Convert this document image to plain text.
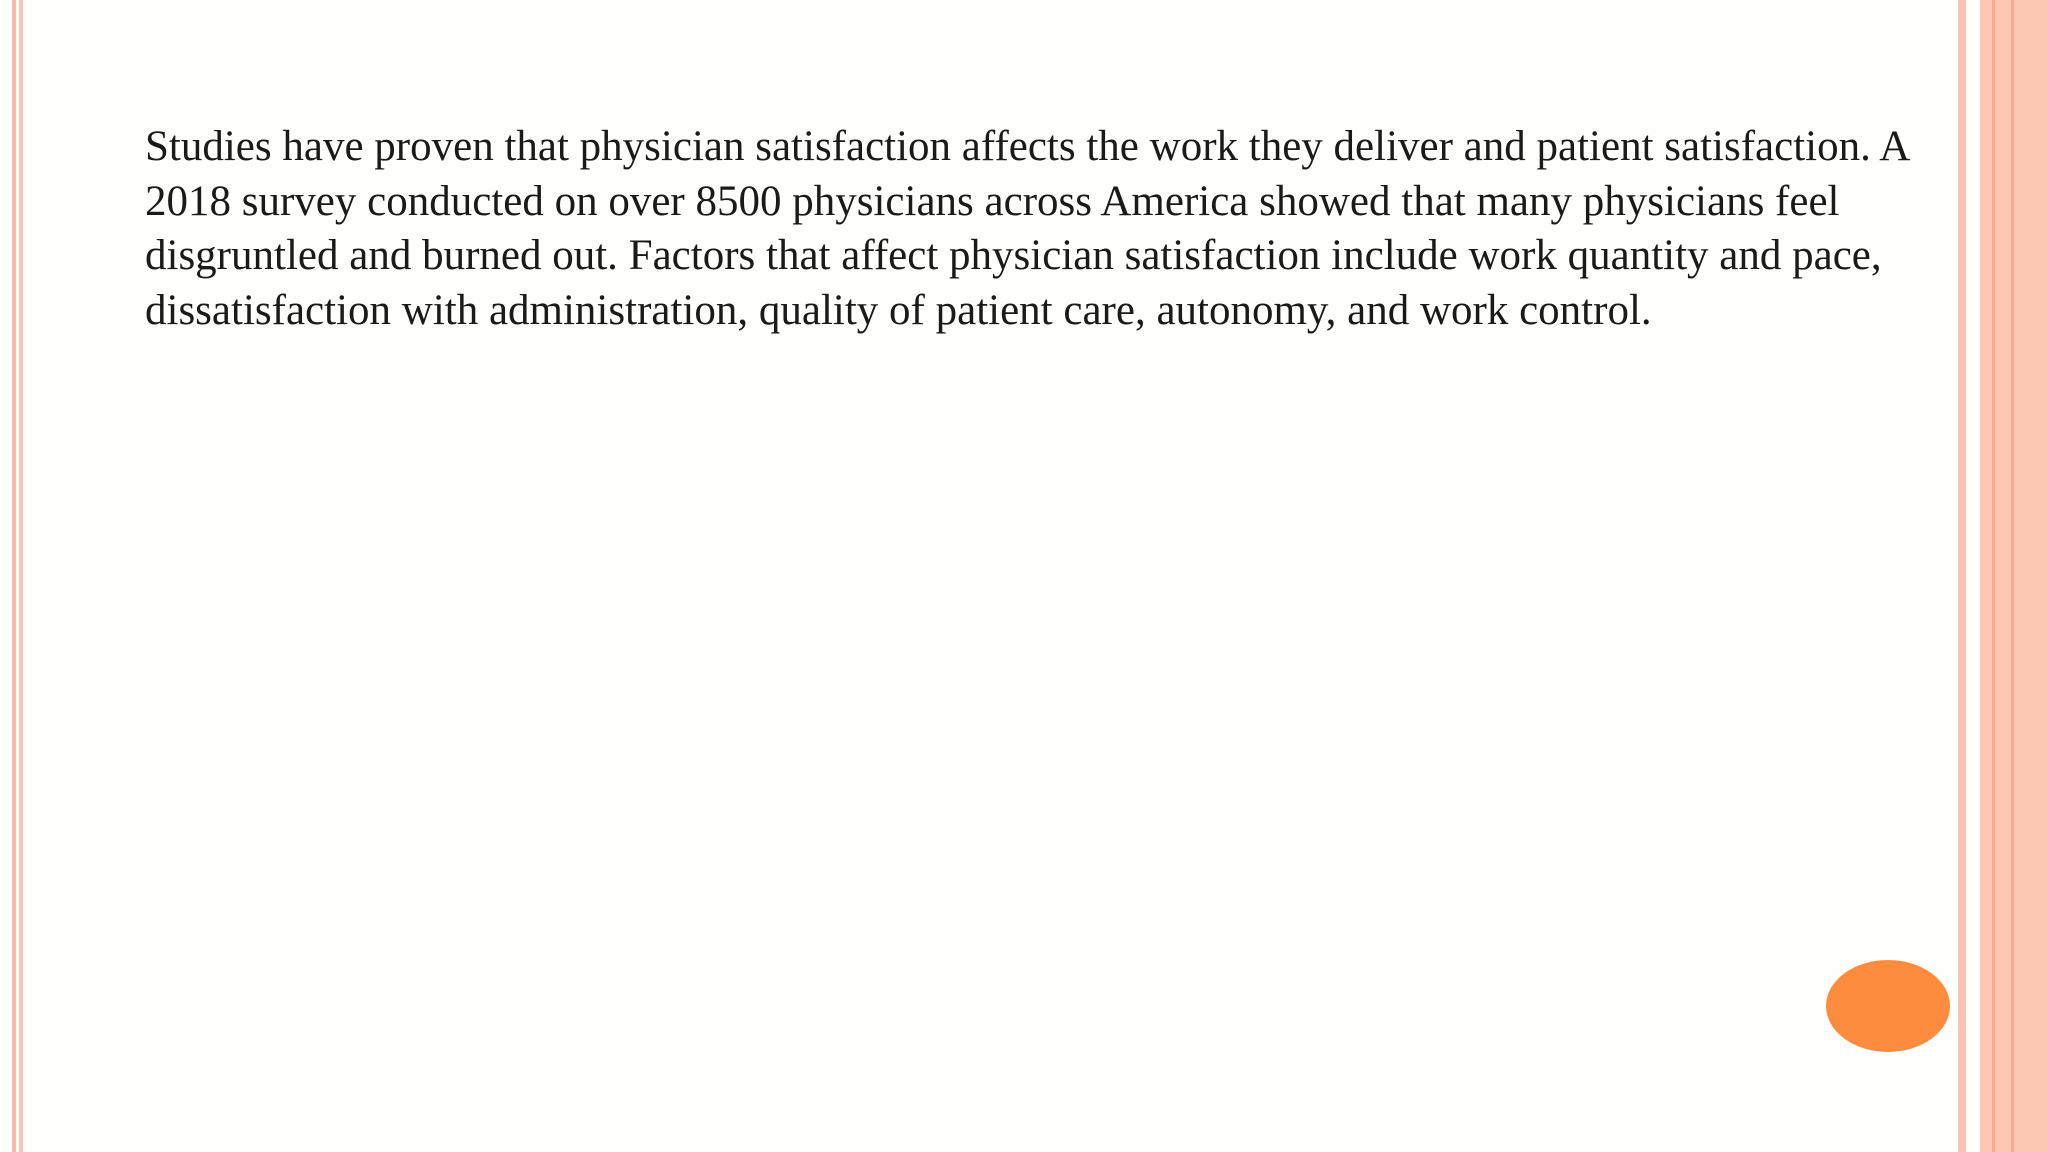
Studies have proven that physician satisfaction affects the work they deliver and patient satisfaction. A 2018 survey conducted on over 8500 physicians across America showed that many physicians feel disgruntled and burned out. Factors that affect physician satisfaction include work quantity and pace, dissatisfaction with administration, quality of patient care, autonomy, and work control.
